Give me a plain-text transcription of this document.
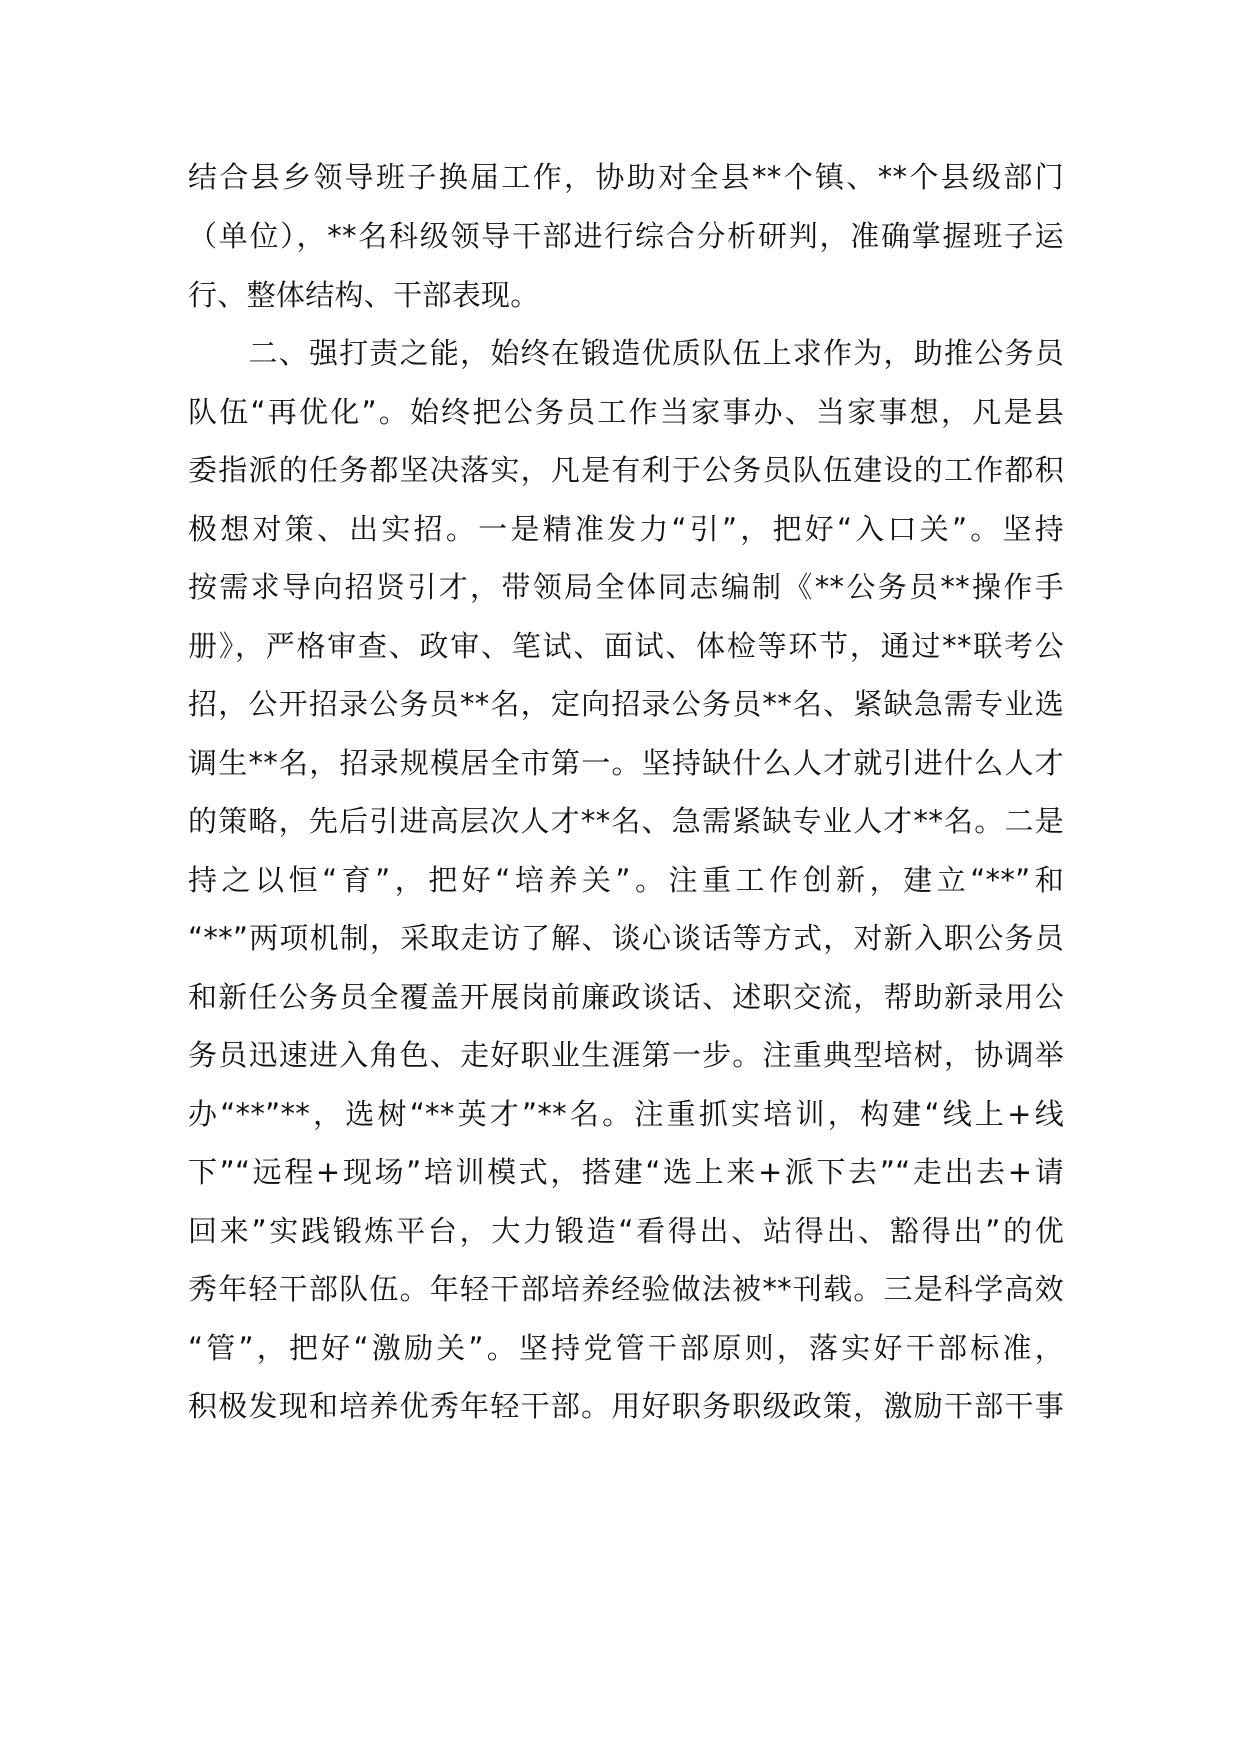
结合县乡领导班子换届工作，协助对全县**个镇、**个县级部门
（单位），**名科级领导干部进行综合分析研判，准确掌握班子运
行、整体结构、干部表现。
　　二、强打责之能，始终在锻造优质队伍上求作为，助推公务员
队伍“再优化”。始终把公务员工作当家事办、当家事想，凡是县
委指派的任务都坚决落实，凡是有利于公务员队伍建设的工作都积
极想对策、出实招。一是精准发力“引”，把好“入口关”。坚持
按需求导向招贤引才，带领局全体同志编制《**公务员**操作手
册》，严格审查、政审、笔试、面试、体检等环节，通过**联考公
招，公开招录公务员**名，定向招录公务员**名、紧缺急需专业选
调生**名，招录规模居全市第一。坚持缺什么人才就引进什么人才
的策略，先后引进高层次人才**名、急需紧缺专业人才**名。二是
持之以恒“育”，把好“培养关”。注重工作创新，建立“**”和
“**”两项机制，采取走访了解、谈心谈话等方式，对新入职公务员
和新任公务员全覆盖开展岗前廉政谈话、述职交流，帮助新录用公
务员迅速进入角色、走好职业生涯第一步。注重典型培树，协调举
办“**”**，选树“**英才”**名。注重抓实培训，构建“线上+线
下”“远程+现场”培训模式，搭建“选上来+派下去”“走出去+请
回来”实践锻炼平台，大力锻造“看得出、站得出、豁得出”的优
秀年轻干部队伍。年轻干部培养经验做法被**刊载。三是科学高效
“管”，把好“激励关”。坚持党管干部原则，落实好干部标准，
积极发现和培养优秀年轻干部。用好职务职级政策，激励干部干事
